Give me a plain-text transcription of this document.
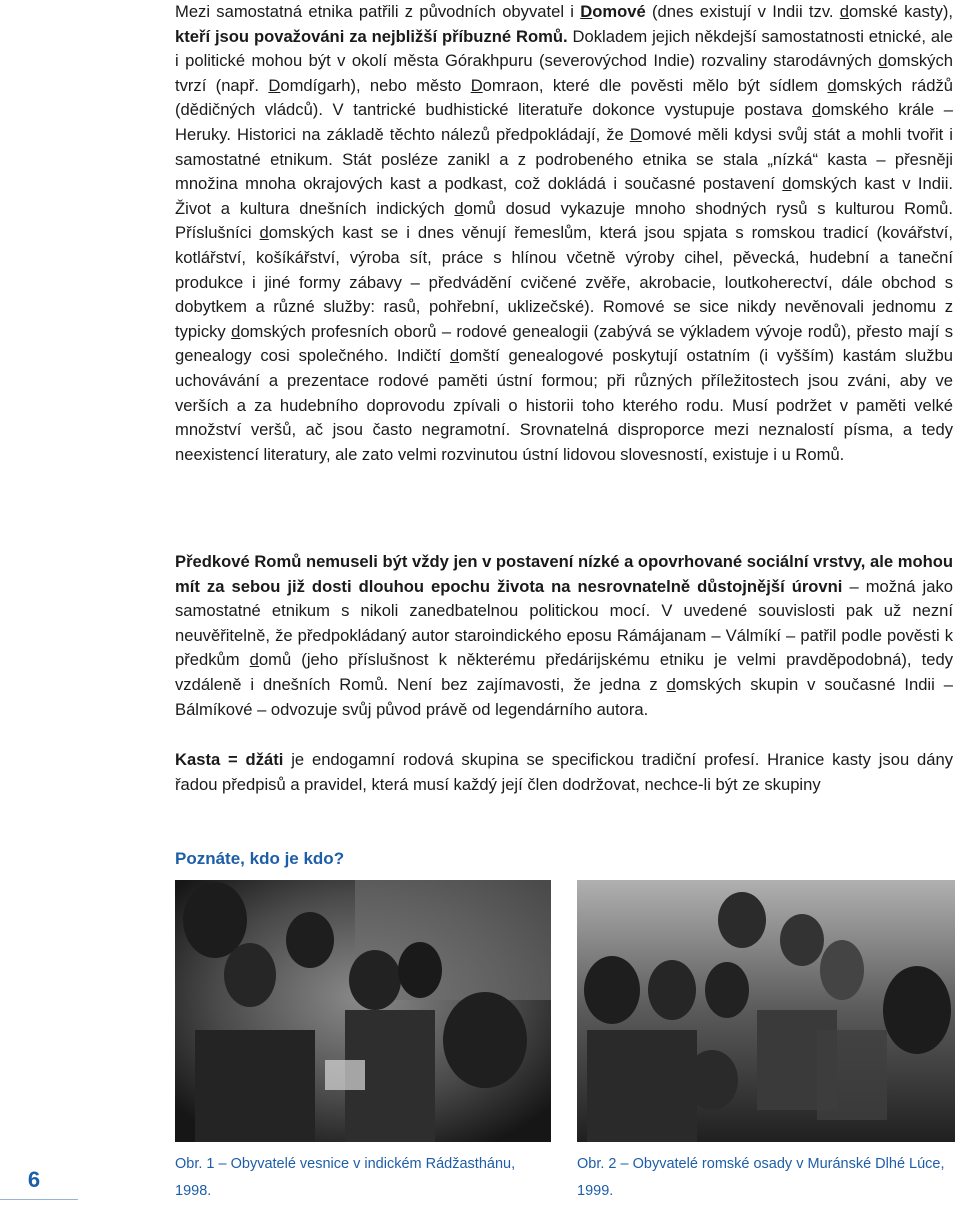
Mezi samostatná etnika patřili z původních obyvatel i Domové (dnes existují v Indii tzv. domské kasty), kteří jsou považováni za nejbližší příbuzné Romů. Dokladem jejich někdejší samostatnosti etnické, ale i politické mohou být v okolí města Górakhpuru (severovýchod Indie) rozvaliny starodávných domských tvrzí (např. Domdígarh), nebo město Domraon, které dle pověsti mělo být sídlem domských rádžů (dědičných vládců). V tantrické budhistické literatuře dokonce vystupuje postava domského krále – Heruky. Historici na základě těchto nálezů předpokládají, že Domové měli kdysi svůj stát a mohli tvořit i samostatné etnikum. Stát posléze zanikl a z podrobeného etnika se stala „nízká“ kasta – přesněji množina mnoha okrajových kast a podkast, což dokládá i současné postavení domských kast v Indii. Život a kultura dnešních indických domů dosud vykazuje mnoho shodných rysů s kulturou Romů. Příslušníci domských kast se i dnes věnují řemeslům, která jsou spjata s romskou tradicí (kovářství, kotlářství, košíkářství, výroba sít, práce s hlínou včetně výroby cihel, pěvecká, hudební a taneční produkce i jiné formy zábavy – předvádění cvičené zvěře, akrobacie, loutkoherectví, dále obchod s dobytkem a různé služby: rasů, pohřební, uklizečské). Romové se sice nikdy nevěnovali jednomu z typicky domských profesních oborů – rodové genealogii (zabývá se výkladem vývoje rodů), přesto mají s genealogy cosi společného. Indičtí domští genealogové poskytují ostatním (i vyšším) kastám službu uchovávání a prezentace rodové paměti ústní formou; při různých příležitostech jsou zváni, aby ve verších a za hudebního doprovodu zpívali o historii toho kterého rodu. Musí podržet v paměti velké množství veršů, ač jsou často negramotní. Srovnatelná disproporce mezi neznalostí písma, a tedy neexistencí literatury, ale zato velmi rozvinutou ústní lidovou slovesností, existuje i u Romů.

Předkové Romů nemuseli být vždy jen v postavení nízké a opovrhované sociální vrstvy, ale mohou mít za sebou již dosti dlouhou epochu života na nesrovnatelně důstojnější úrovni – možná jako samostatné etnikum s nikoli zanedbatelnou politickou mocí. V uvedené souvislosti pak už nezní neuvěřitelně, že předpokládaný autor staroindického eposu Rámájanam – Válmíkí – patřil podle pověsti k předkům domů (jeho příslušnost k některému předárijskému etniku je velmi pravděpodobná), tedy vzdáleně i dnešních Romů. Není bez zajímavosti, že jedna z domských skupin v současné Indii – Bálmíkové – odvozuje svůj původ právě od legendárního autora.

Kasta = džáti je endogamní rodová skupina se specifickou tradiční profesí. Hranice kasty jsou dány řadou předpisů a pravidel, která musí každý její člen dodržovat, nechce-li být ze skupiny

Poznáte, kdo je kdo?
Obr. 1 – Obyvatelé vesnice v indickém Rádžasthánu, 1998.
Obr. 2 – Obyvatelé romské osady v Muránské Dlhé Lúce, 1999.
6
